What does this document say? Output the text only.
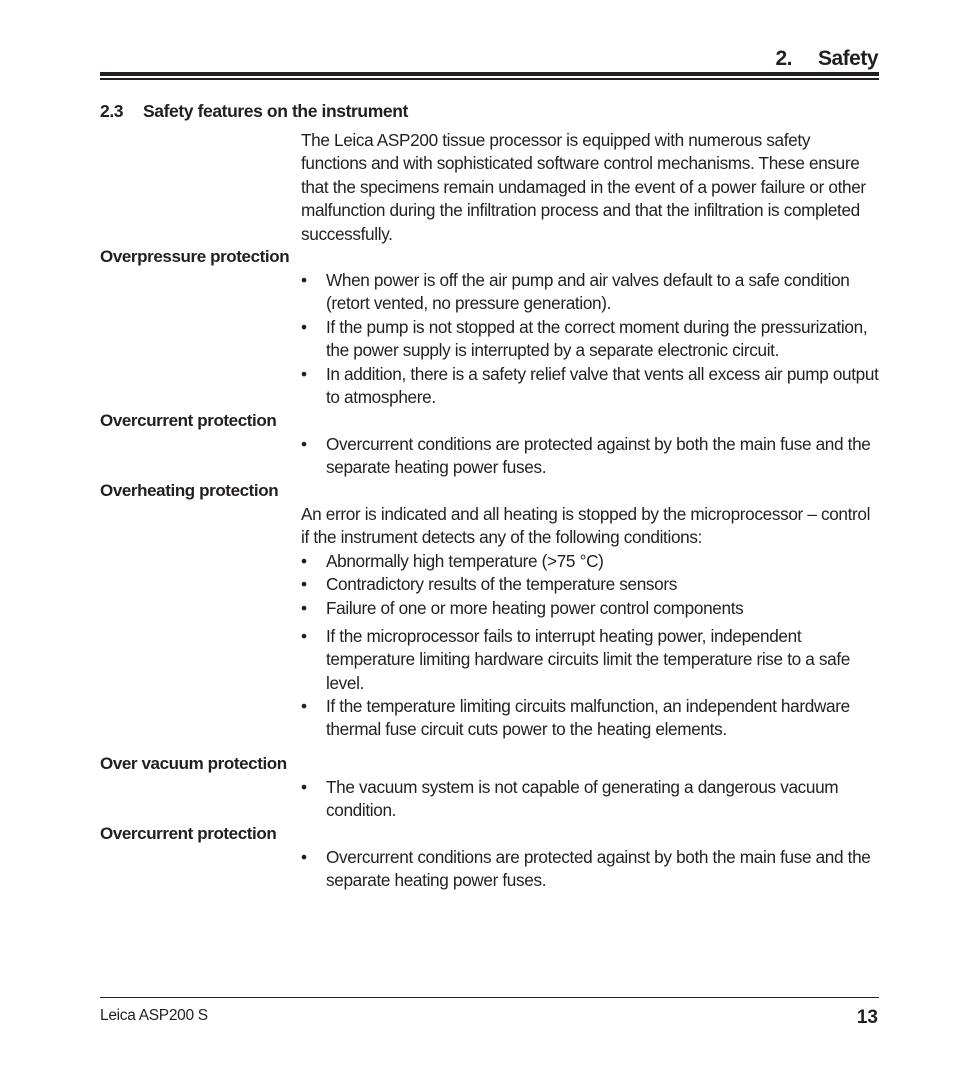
2. Safety
2.3 Safety features on the instrument
The Leica ASP200 tissue processor is equipped with numerous safety functions and with sophisticated software control mechanisms. These ensure that the specimens remain undamaged in the event of a power failure or other malfunction during the infiltration process and that the infiltration is completed successfully.
Overpressure protection
• When power is off the air pump and air valves default to a safe condition (retort vented, no pressure generation).
• If the pump is not stopped at the correct moment during the pressurization, the power supply is interrupted by a separate electronic circuit.
• In addition, there is a safety relief valve that vents all excess air pump output to atmosphere.
Overcurrent protection
• Overcurrent conditions are protected against by both the main fuse and the separate heating power fuses.
Overheating protection
An error is indicated and all heating is stopped by the microprocessor – control if the instrument detects any of the following conditions:
• Abnormally high temperature (>75 °C)
• Contradictory results of the temperature sensors
• Failure of one or more heating power control components
• If the microprocessor fails to interrupt heating power, independent temperature limiting hardware circuits limit the temperature rise to a safe level.
• If the temperature limiting circuits malfunction, an independent hardware thermal fuse circuit cuts power to the heating elements.
Over vacuum protection
• The vacuum system is not capable of generating a dangerous vacuum condition.
Overcurrent protection
• Overcurrent conditions are protected against by both the main fuse and the separate heating power fuses.
Leica ASP200 S	13
